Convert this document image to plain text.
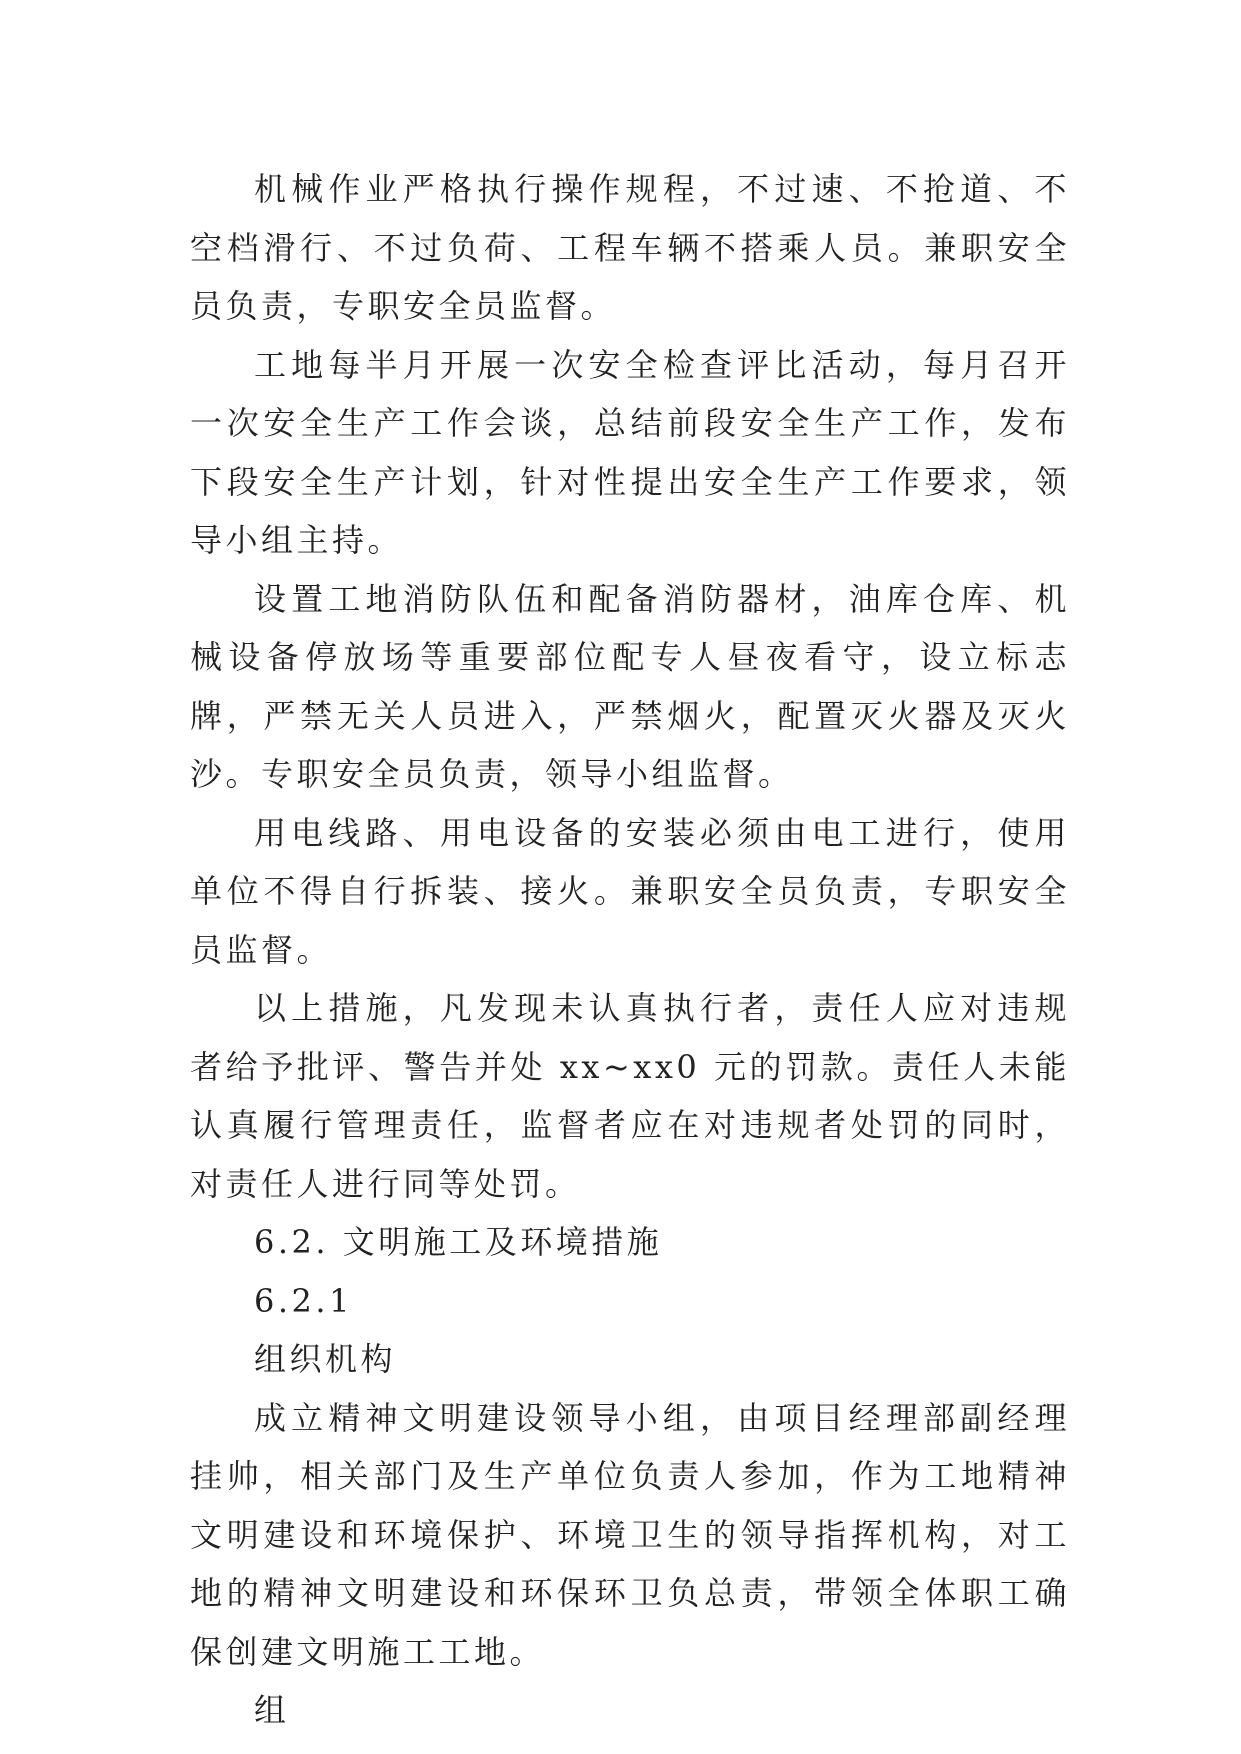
机械作业严格执行操作规程，不过速、不抢道、不空档滑行、不过负荷、工程车辆不搭乘人员。兼职安全员负责，专职安全员监督。

工地每半月开展一次安全检查评比活动，每月召开一次安全生产工作会谈，总结前段安全生产工作，发布下段安全生产计划，针对性提出安全生产工作要求，领导小组主持。

设置工地消防队伍和配备消防器材，油库仓库、机械设备停放场等重要部位配专人昼夜看守，设立标志牌，严禁无关人员进入，严禁烟火，配置灭火器及灭火沙。专职安全员负责，领导小组监督。

用电线路、用电设备的安装必须由电工进行，使用单位不得自行拆装、接火。兼职安全员负责，专职安全员监督。

以上措施，凡发现未认真执行者，责任人应对违规者给予批评、警告并处 xx~xx0 元的罚款。责任人未能认真履行管理责任，监督者应在对违规者处罚的同时，对责任人进行同等处罚。

6.2. 文明施工及环境措施

6.2.1

组织机构

成立精神文明建设领导小组，由项目经理部副经理挂帅，相关部门及生产单位负责人参加，作为工地精神文明建设和环境保护、环境卫生的领导指挥机构，对工地的精神文明建设和环保环卫负总责，带领全体职工确保创建文明施工工地。

组
